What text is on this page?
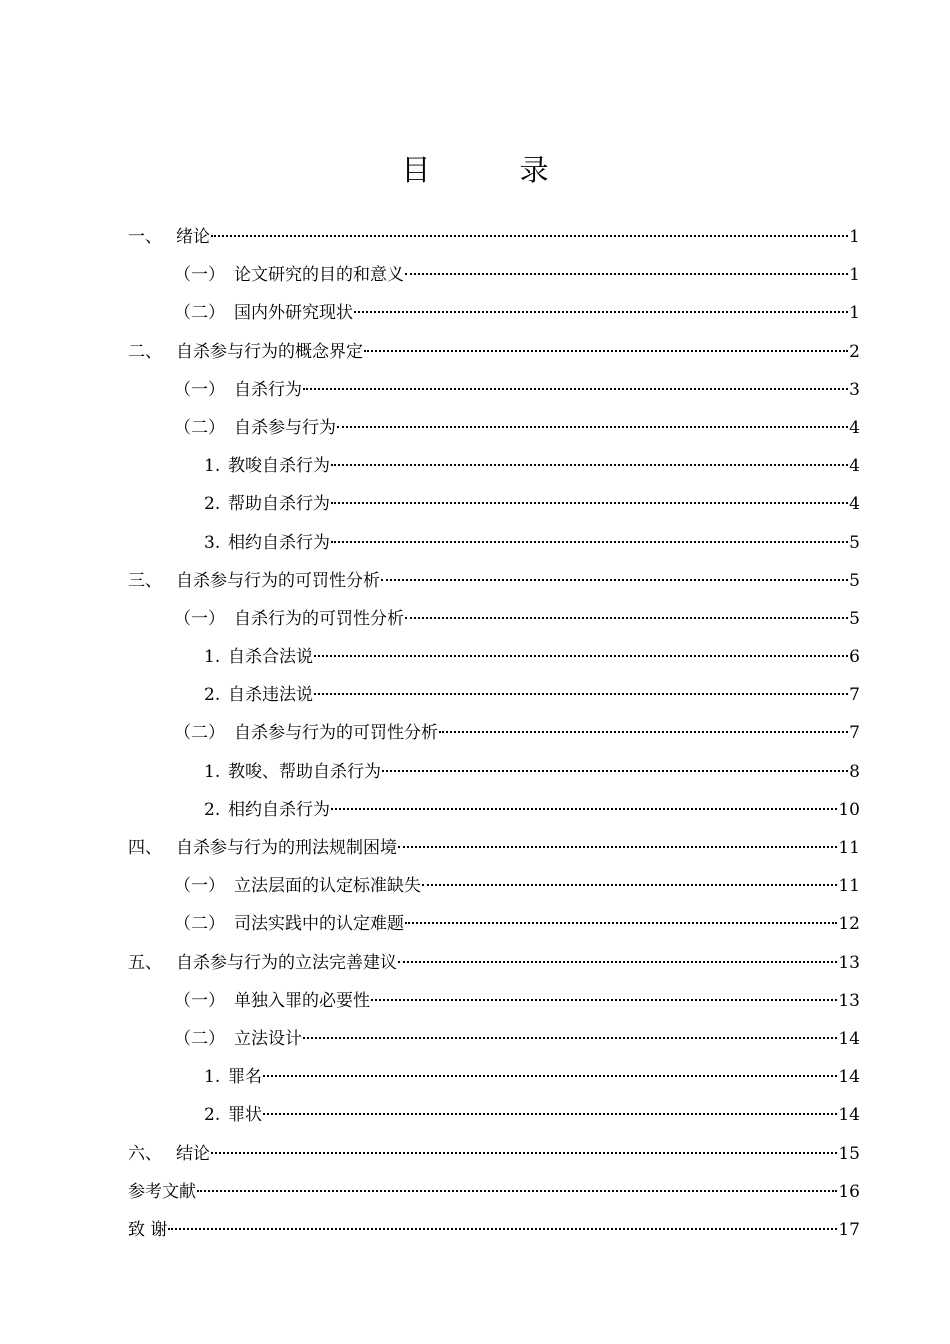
目 录
一、 绪论	1
（一） 论文研究的目的和意义	1
（二） 国内外研究现状	1
二、 自杀参与行为的概念界定	2
（一） 自杀行为	3
（二） 自杀参与行为	4
1. 教唆自杀行为	4
2. 帮助自杀行为	4
3. 相约自杀行为	5
三、 自杀参与行为的可罚性分析	5
（一） 自杀行为的可罚性分析	5
1. 自杀合法说	6
2. 自杀违法说	7
（二） 自杀参与行为的可罚性分析	7
1. 教唆、帮助自杀行为	8
2. 相约自杀行为	10
四、 自杀参与行为的刑法规制困境	11
（一） 立法层面的认定标准缺失	11
（二） 司法实践中的认定难题	12
五、 自杀参与行为的立法完善建议	13
（一） 单独入罪的必要性	13
（二） 立法设计	14
1. 罪名	14
2. 罪状	14
六、 结论	15
参考文献	16
致 谢	17
